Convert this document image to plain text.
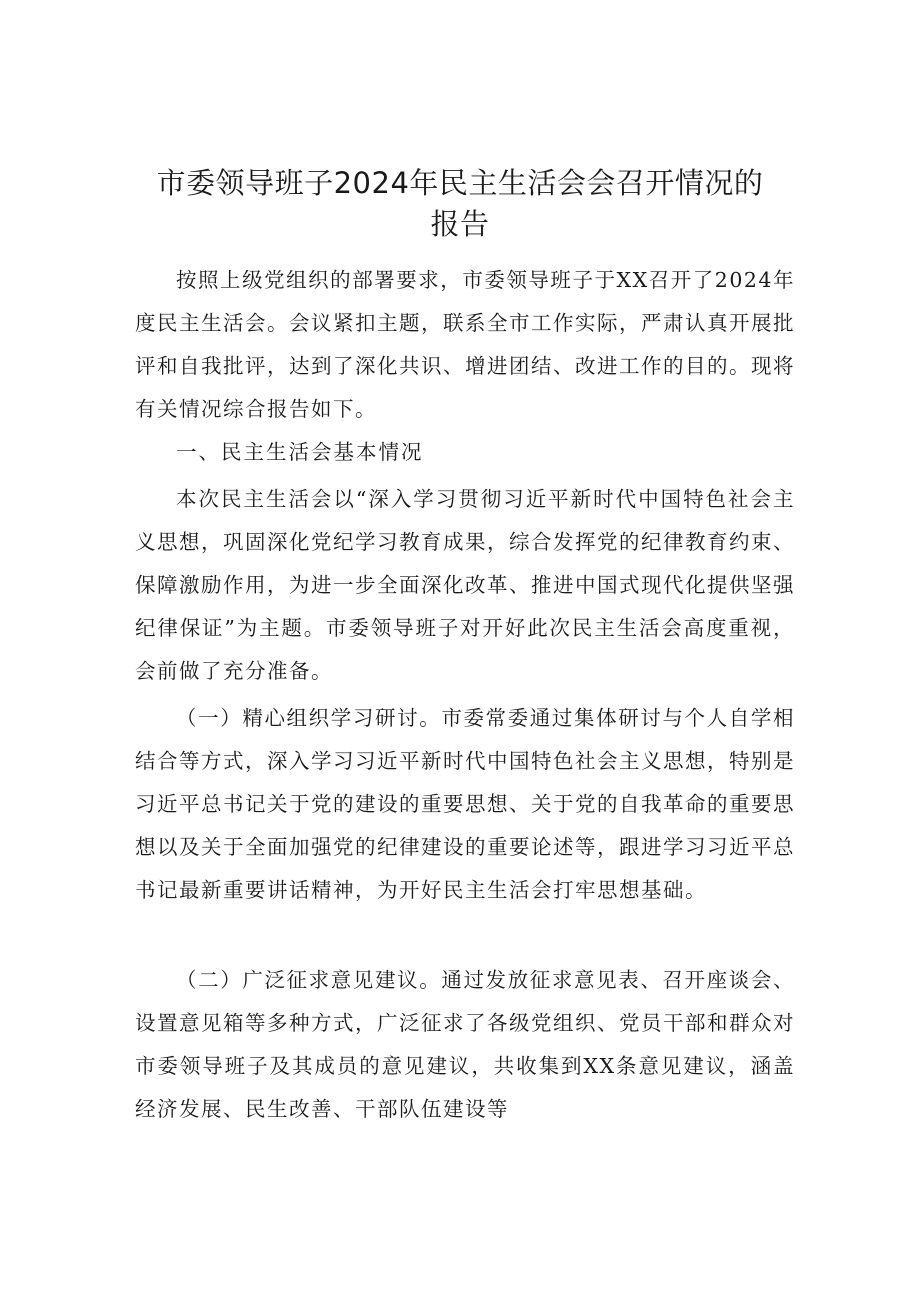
市委领导班子2024年民主生活会会召开情况的
报告

按照上级党组织的部署要求，市委领导班子于XX召开了2024年度民主生活会。会议紧扣主题，联系全市工作实际，严肃认真开展批评和自我批评，达到了深化共识、增进团结、改进工作的目的。现将有关情况综合报告如下。

一、民主生活会基本情况

本次民主生活会以“深入学习贯彻习近平新时代中国特色社会主义思想，巩固深化党纪学习教育成果，综合发挥党的纪律教育约束、保障激励作用，为进一步全面深化改革、推进中国式现代化提供坚强纪律保证”为主题。市委领导班子对开好此次民主生活会高度重视，会前做了充分准备。

（一）精心组织学习研讨。市委常委通过集体研讨与个人自学相结合等方式，深入学习习近平新时代中国特色社会主义思想，特别是习近平总书记关于党的建设的重要思想、关于党的自我革命的重要思想以及关于全面加强党的纪律建设的重要论述等，跟进学习习近平总书记最新重要讲话精神，为开好民主生活会打牢思想基础。

（二）广泛征求意见建议。通过发放征求意见表、召开座谈会、设置意见箱等多种方式，广泛征求了各级党组织、党员干部和群众对市委领导班子及其成员的意见建议，共收集到XX条意见建议，涵盖经济发展、民生改善、干部队伍建设等
